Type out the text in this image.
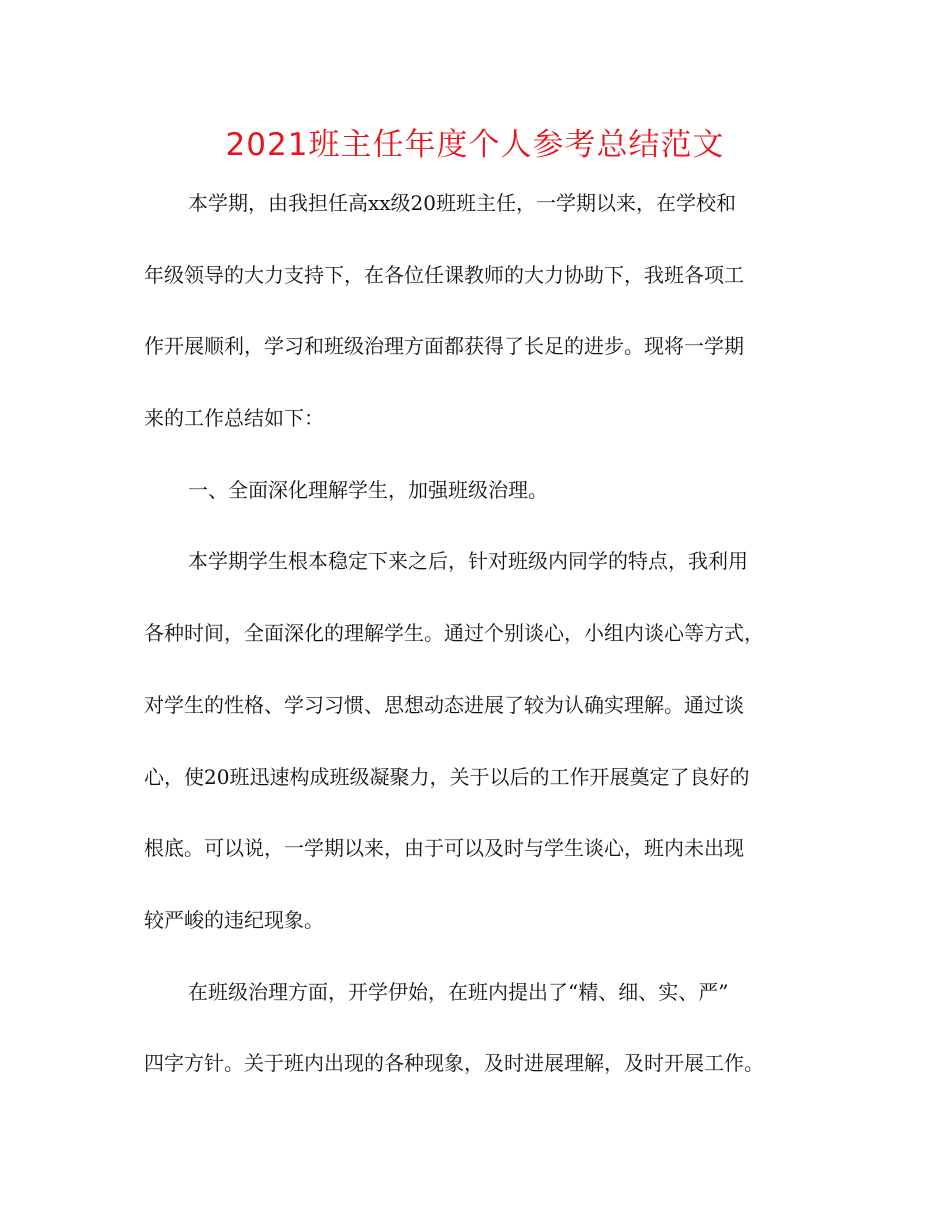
2021班主任年度个人参考总结范文
本学期，由我担任高xx级20班班主任，一学期以来，在学校和
年级领导的大力支持下，在各位任课教师的大力协助下，我班各项工
作开展顺利，学习和班级治理方面都获得了长足的进步。现将一学期
来的工作总结如下：
一、全面深化理解学生，加强班级治理。
本学期学生根本稳定下来之后，针对班级内同学的特点，我利用
各种时间，全面深化的理解学生。通过个别谈心，小组内谈心等方式，
对学生的性格、学习习惯、思想动态进展了较为认确实理解。通过谈
心，使20班迅速构成班级凝聚力，关于以后的工作开展奠定了良好的
根底。可以说，一学期以来，由于可以及时与学生谈心，班内未出现
较严峻的违纪现象。
在班级治理方面，开学伊始，在班内提出了“精、细、实、严”
四字方针。关于班内出现的各种现象，及时进展理解，及时开展工作。
